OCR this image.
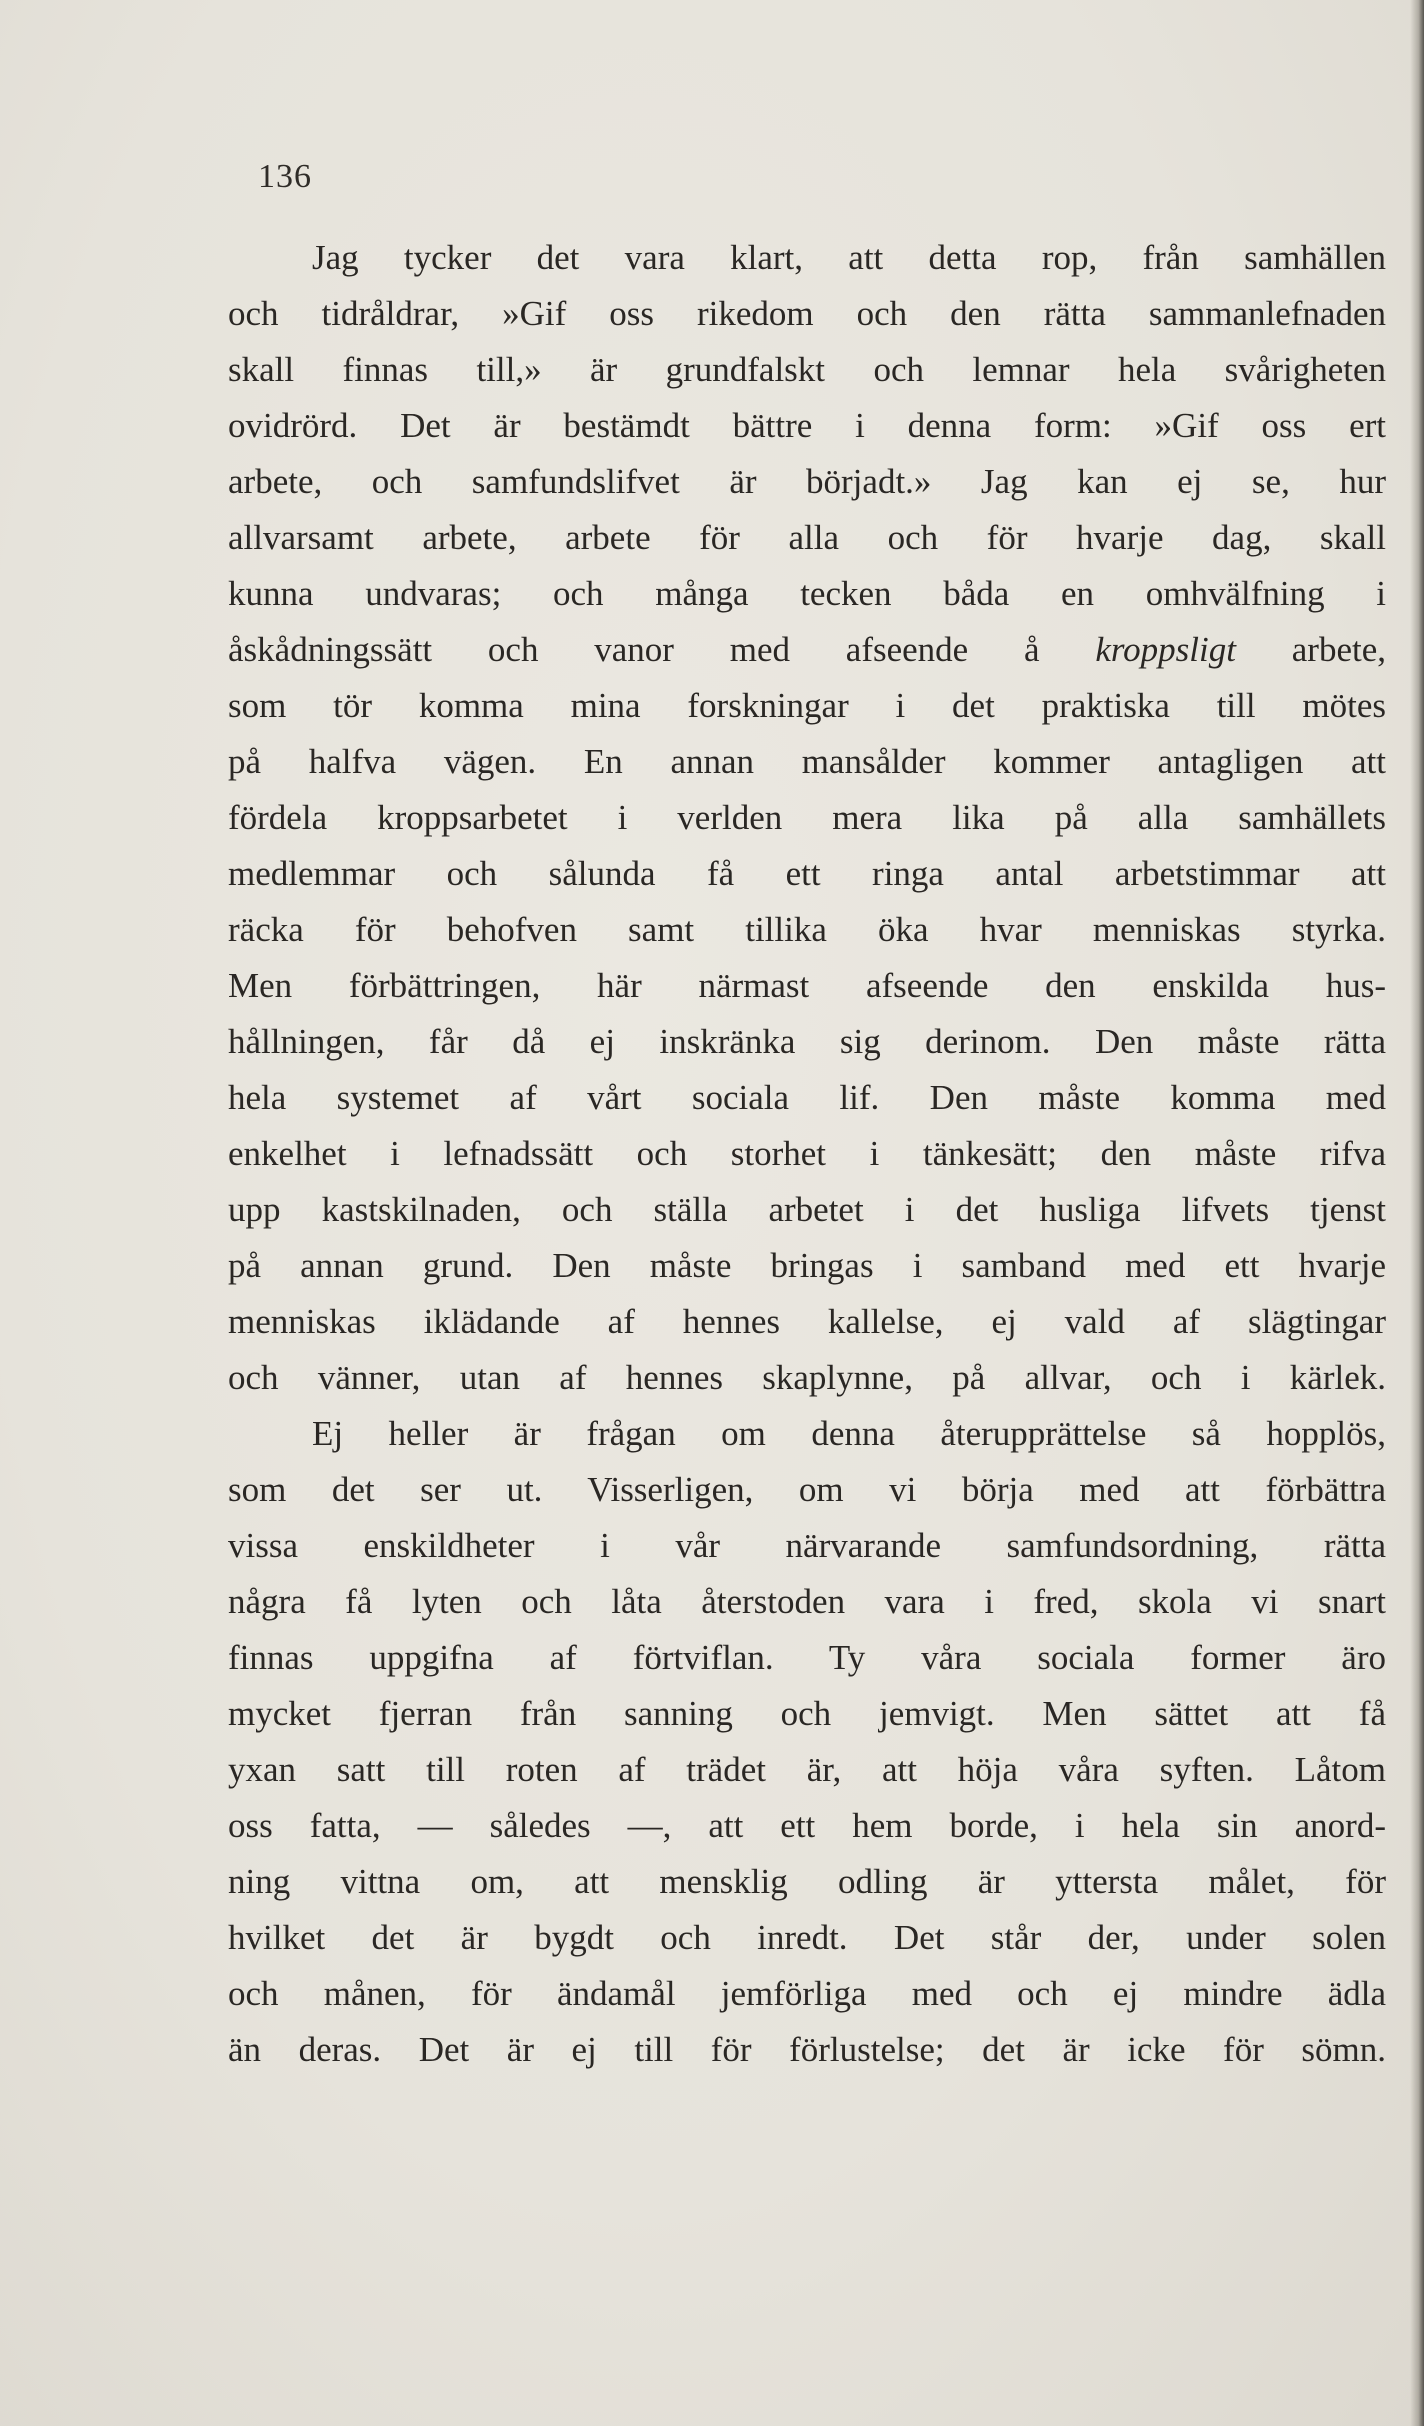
136
Jag tycker det vara klart, att detta rop, från samhällen
och tidråldrar, »Gif oss rikedom och den rätta sammanlefnaden
skall finnas till,» är grundfalskt och lemnar hela svårigheten
ovidrörd. Det är bestämdt bättre i denna form: »Gif oss ert
arbete, och samfundslifvet är börjadt.» Jag kan ej se, hur
allvarsamt arbete, arbete för alla och för hvarje dag, skall
kunna undvaras; och många tecken båda en omhvälfning i
åskådningssätt och vanor med afseende å kroppsligt arbete,
som tör komma mina forskningar i det praktiska till mötes
på halfva vägen. En annan mansålder kommer antagligen att
fördela kroppsarbetet i verlden mera lika på alla samhällets
medlemmar och sålunda få ett ringa antal arbetstimmar att
räcka för behofven samt tillika öka hvar menniskas styrka.
Men förbättringen, här närmast afseende den enskilda hus-
hållningen, får då ej inskränka sig derinom. Den måste rätta
hela systemet af vårt sociala lif. Den måste komma med
enkelhet i lefnadssätt och storhet i tänkesätt; den måste rifva
upp kastskilnaden, och ställa arbetet i det husliga lifvets tjenst
på annan grund. Den måste bringas i samband med ett hvarje
menniskas iklädande af hennes kallelse, ej vald af slägtingar
och vänner, utan af hennes skaplynne, på allvar, och i kärlek.
Ej heller är frågan om denna återupprättelse så hopplös,
som det ser ut. Visserligen, om vi börja med att förbättra
vissa enskildheter i vår närvarande samfundsordning, rätta
några få lyten och låta återstoden vara i fred, skola vi snart
finnas uppgifna af förtviflan. Ty våra sociala former äro
mycket fjerran från sanning och jemvigt. Men sättet att få
yxan satt till roten af trädet är, att höja våra syften. Låtom
oss fatta, — således —, att ett hem borde, i hela sin anord-
ning vittna om, att mensklig odling är yttersta målet, för
hvilket det är bygdt och inredt. Det står der, under solen
och månen, för ändamål jemförliga med och ej mindre ädla
än deras. Det är ej till för förlustelse; det är icke för sömn.
